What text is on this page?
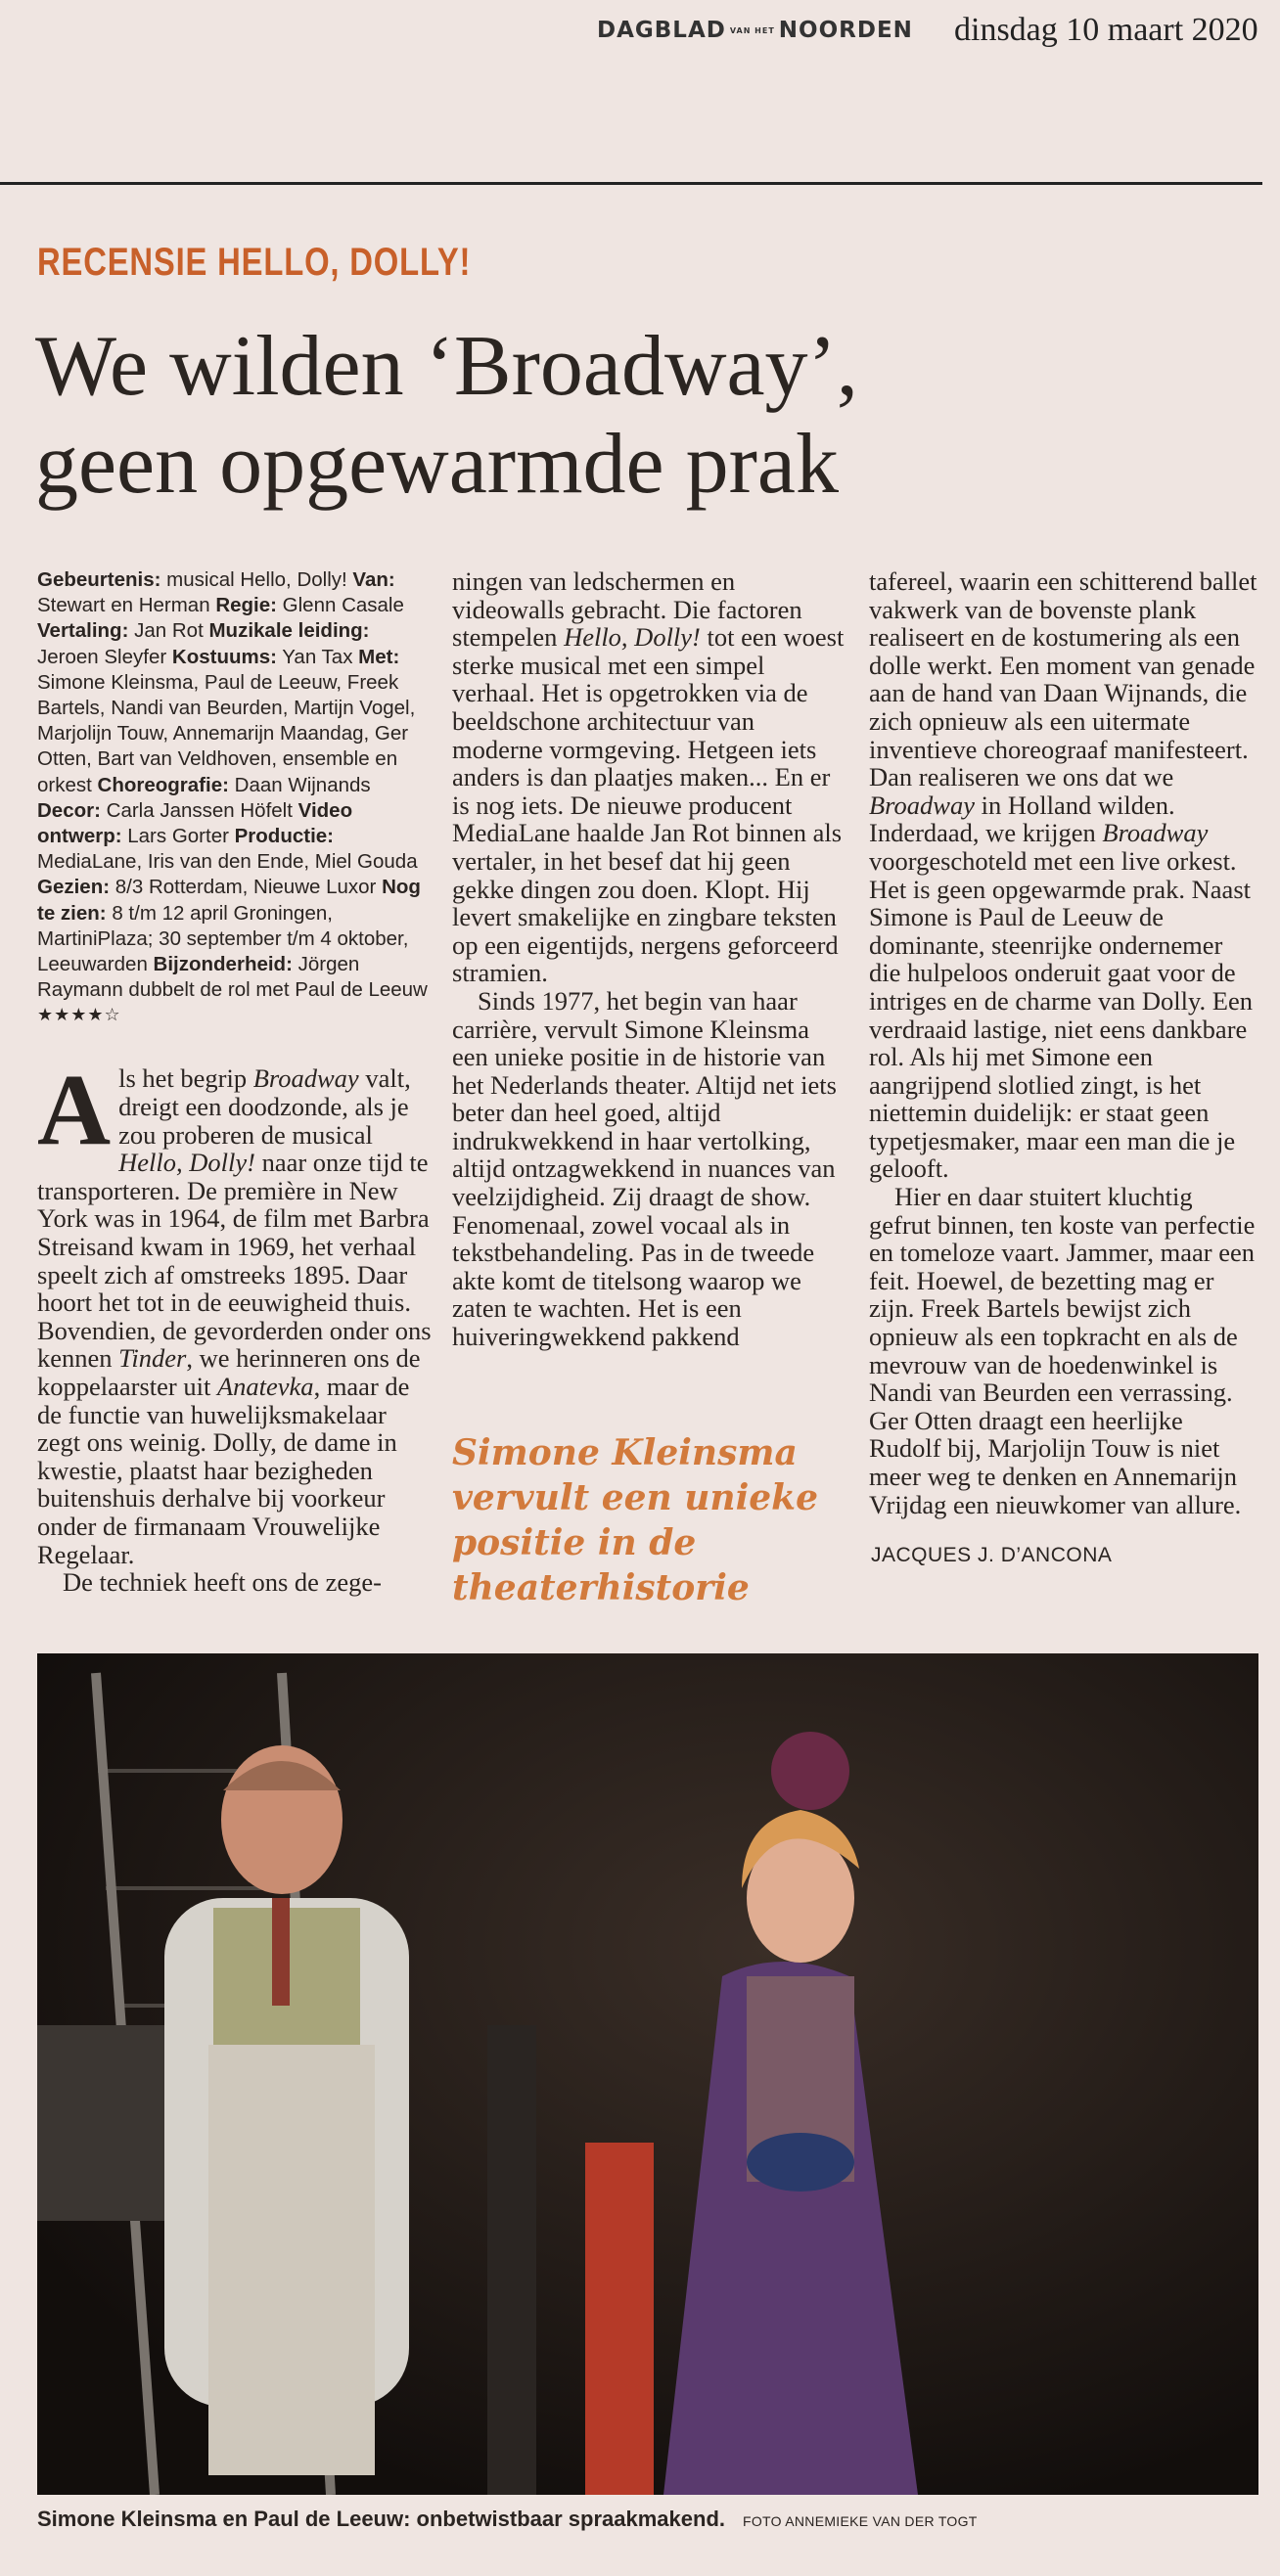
DAGBLAD VAN HET NOORDEN dinsdag 10 maart 2020
RECENSIE HELLO, DOLLY!
We wilden ‘Broadway’,
geen opgewarmde prak
Gebeurtenis: musical Hello, Dolly! Van: Stewart en Herman Regie: Glenn Casale Vertaling: Jan Rot Muzikale leiding: Jeroen Sleyfer Kostuums: Yan Tax Met: Simone Kleinsma, Paul de Leeuw, Freek Bartels, Nandi van Beurden, Martijn Vogel, Marjolijn Touw, Annemarijn Maandag, Ger Otten, Bart van Veldhoven, ensemble en orkest Choreografie: Daan Wijnands Decor: Carla Janssen Höfelt Video ontwerp: Lars Gorter Productie: MediaLane, Iris van den Ende, Miel Gouda Gezien: 8/3 Rotterdam, Nieuwe Luxor Nog te zien: 8 t/m 12 april Groningen, MartiniPlaza; 30 september t/m 4 oktober, Leeuwarden Bijzonderheid: Jörgen Raymann dubbelt de rol met Paul de Leeuw
★★★★☆

Als het begrip Broadway valt, dreigt een doodzonde, als je zou proberen de musical Hello, Dolly! naar onze tijd te transporteren. De première in New York was in 1964, de film met Barbra Streisand kwam in 1969, het verhaal speelt zich af omstreeks 1895. Daar hoort het tot in de eeuwigheid thuis. Bovendien, de gevorderden onder ons kennen Tinder, we herinneren ons de koppelaarster uit Anatevka, maar de de functie van huwelijksmakelaar zegt ons weinig. Dolly, de dame in kwestie, plaatst haar bezigheden buitenshuis derhalve bij voorkeur onder de firmanaam Vrouwelijke Regelaar.

De techniek heeft ons de zege-

ningen van ledschermen en videowalls gebracht. Die factoren stempelen Hello, Dolly! tot een woest sterke musical met een simpel verhaal. Het is opgetrokken via de beeldschone architectuur van moderne vormgeving. Hetgeen iets anders is dan plaatjes maken... En er is nog iets. De nieuwe producent MediaLane haalde Jan Rot binnen als vertaler, in het besef dat hij geen gekke dingen zou doen. Klopt. Hij levert smakelijke en zingbare teksten op een eigentijds, nergens geforceerd stramien.

Sinds 1977, het begin van haar carrière, vervult Simone Kleinsma een unieke positie in de historie van het Nederlands theater. Altijd net iets beter dan heel goed, altijd indrukwekkend in haar vertolking, altijd ontzagwekkend in nuances van veelzijdigheid. Zij draagt de show. Fenomenaal, zowel vocaal als in tekstbehandeling. Pas in de tweede akte komt de titelsong waarop we zaten te wachten. Het is een huiveringwekkend pakkend

tafereel, waarin een schitterend ballet vakwerk van de bovenste plank realiseert en de kostumering als een dolle werkt. Een moment van genade aan de hand van Daan Wijnands, die zich opnieuw als een uitermate inventieve choreograaf manifesteert. Dan realiseren we ons dat we Broadway in Holland wilden. Inderdaad, we krijgen Broadway voorgeschoteld met een live orkest. Het is geen opgewarmde prak. Naast Simone is Paul de Leeuw de dominante, steenrijke ondernemer die hulpeloos onderuit gaat voor de intriges en de charme van Dolly. Een verdraaid lastige, niet eens dankbare rol. Als hij met Simone een aangrijpend slotlied zingt, is het niettemin duidelijk: er staat geen typetjesmaker, maar een man die je gelooft.

Hier en daar stuitert kluchtig gefrut binnen, ten koste van perfectie en tomeloze vaart. Jammer, maar een feit. Hoewel, de bezetting mag er zijn. Freek Bartels bewijst zich opnieuw als een topkracht en als de mevrouw van de hoedenwinkel is Nandi van Beurden een verrassing. Ger Otten draagt een heerlijke Rudolf bij, Marjolijn Touw is niet meer weg te denken en Annemarijn Vrijdag een nieuwkomer van allure.

Simone Kleinsma vervult een unieke positie in de theaterhistorie
JACQUES J. D’ANCONA
Simone Kleinsma en Paul de Leeuw: onbetwistbaar spraakmakend. FOTO ANNEMIEKE VAN DER TOGT
